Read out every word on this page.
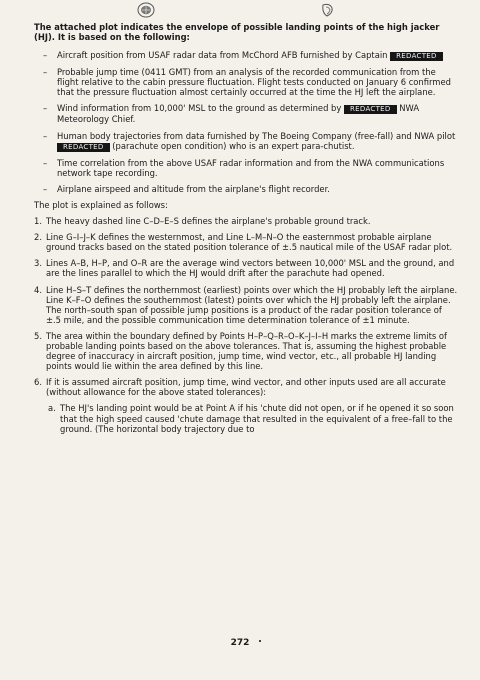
The attached plot indicates the envelope of possible landing points of the high jacker (HJ). It is based on the following:

– Aircraft position from USAF radar data from McChord AFB furnished by Captain REDACTED
– Probable jump time (0411 GMT) from an analysis of the recorded communication from the flight relative to the cabin pressure fluctuation. Flight tests conducted on January 6 confirmed that the pressure fluctuation almost certainly occurred at the time the HJ left the airplane.
– Wind information from 10,000' MSL to the ground as determined by REDACTED NWA Meteorology Chief.
– Human body trajectories from data furnished by The Boeing Company (free-fall) and NWA pilot REDACTED (parachute open condition) who is an expert para-chutist.
– Time correlation from the above USAF radar information and from the NWA communications network tape recording.
– Airplane airspeed and altitude from the airplane's flight recorder.

The plot is explained as follows:

1. The heavy dashed line C–D–E–S defines the airplane's probable ground track.
2. Line G–I–J–K defines the westernmost, and Line L–M–N–O the easternmost probable airplane ground tracks based on the stated position tolerance of ±.5 nautical mile of the USAF radar plot.
3. Lines A–B, H–P, and O–R are the average wind vectors between 10,000' MSL and the ground, and are the lines parallel to which the HJ would drift after the parachute had opened.
4. Line H–S–T defines the northernmost (earliest) points over which the HJ probably left the airplane. Line K–F–O defines the southernmost (latest) points over which the HJ probably left the airplane. The north–south span of possible jump positions is a product of the radar position tolerance of ±.5 mile, and the possible communication time determination tolerance of ±1 minute.
5. The area within the boundary defined by Points H–P–Q–R–O–K–J–I–H marks the extreme limits of probable landing points based on the above tolerances. That is, assuming the highest probable degree of inaccuracy in aircraft position, jump time, wind vector, etc., all probable HJ landing points would lie within the area defined by this line.
6. If it is assumed aircraft position, jump time, wind vector, and other inputs used are all accurate (without allowance for the above stated tolerances):
a. The HJ's landing point would be at Point A if his 'chute did not open, or if he opened it so soon that the high speed caused 'chute damage that resulted in the equivalent of a free–fall to the ground. (The horizontal body trajectory due to
272
